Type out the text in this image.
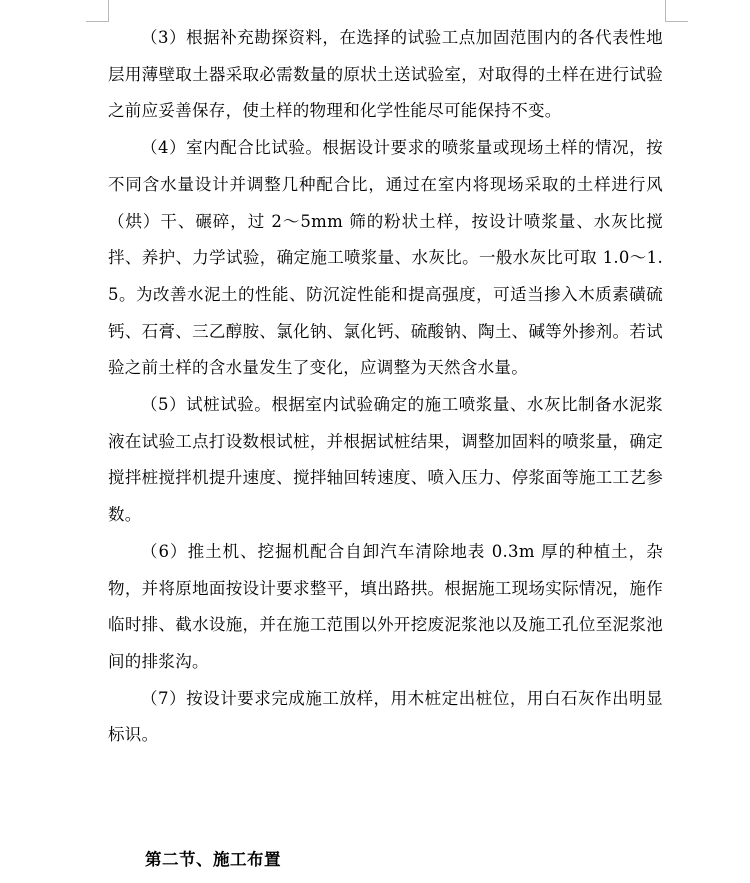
（3）根据补充勘探资料，在选择的试验工点加固范围内的各代表性地层用薄壁取土器采取必需数量的原状土送试验室，对取得的土样在进行试验之前应妥善保存，使土样的物理和化学性能尽可能保持不变。

（4）室内配合比试验。根据设计要求的喷浆量或现场土样的情况，按不同含水量设计并调整几种配合比，通过在室内将现场采取的土样进行风（烘）干、碾碎，过 2～5mm 筛的粉状土样，按设计喷浆量、水灰比搅拌、养护、力学试验，确定施工喷浆量、水灰比。一般水灰比可取 1.0～1.5。为改善水泥土的性能、防沉淀性能和提高强度，可适当掺入木质素磺硫钙、石膏、三乙醇胺、氯化钠、氯化钙、硫酸钠、陶土、碱等外掺剂。若试验之前土样的含水量发生了变化，应调整为天然含水量。

（5）试桩试验。根据室内试验确定的施工喷浆量、水灰比制备水泥浆液在试验工点打设数根试桩，并根据试桩结果，调整加固料的喷浆量，确定搅拌桩搅拌机提升速度、搅拌轴回转速度、喷入压力、停浆面等施工工艺参数。

（6）推土机、挖掘机配合自卸汽车清除地表 0.3m 厚的种植土，杂物，并将原地面按设计要求整平，填出路拱。根据施工现场实际情况，施作临时排、截水设施，并在施工范围以外开挖废泥浆池以及施工孔位至泥浆池间的排浆沟。

（7）按设计要求完成施工放样，用木桩定出桩位，用白石灰作出明显标识。

第二节、施工布置
